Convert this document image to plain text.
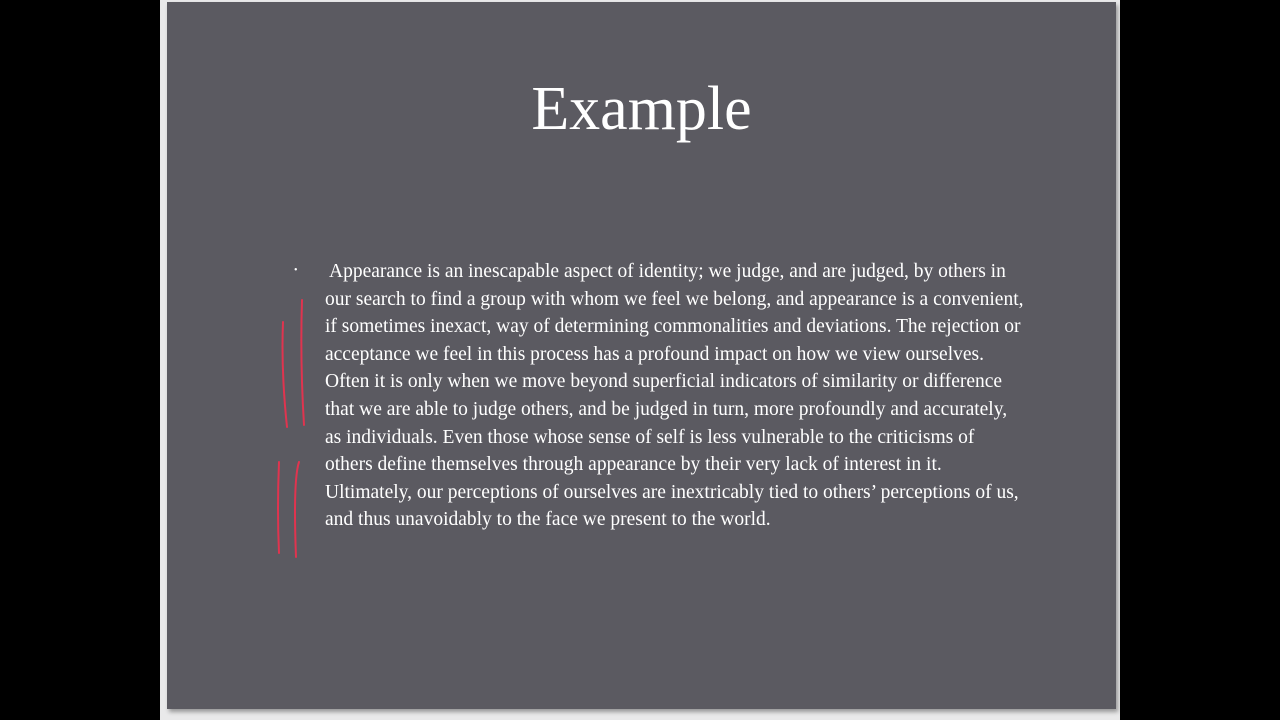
Example
• Appearance is an inescapable aspect of identity; we judge, and are judged, by others in our search to find a group with whom we feel we belong, and appearance is a convenient, if sometimes inexact, way of determining commonalities and deviations. The rejection or acceptance we feel in this process has a profound impact on how we view ourselves. Often it is only when we move beyond superficial indicators of similarity or difference that we are able to judge others, and be judged in turn, more profoundly and accurately, as individuals. Even those whose sense of self is less vulnerable to the criticisms of others define themselves through appearance by their very lack of interest in it. Ultimately, our perceptions of ourselves are inextricably tied to others’ perceptions of us, and thus unavoidably to the face we present to the world.
